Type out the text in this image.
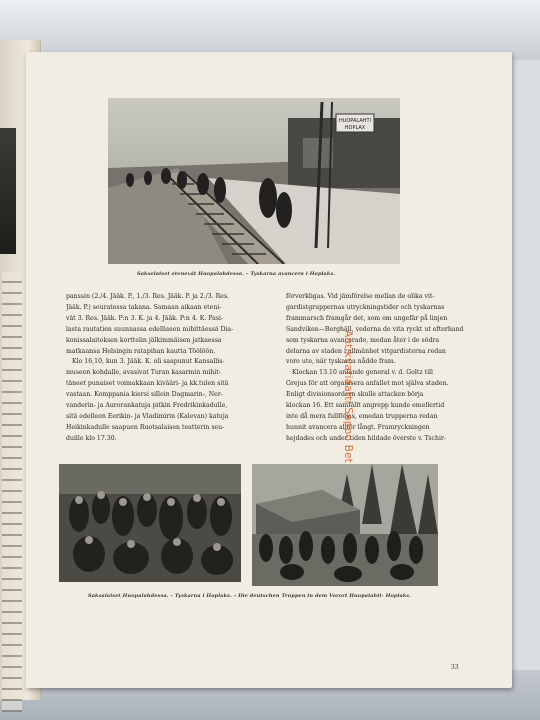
HUOPALAHTI
HOPLAX
Sakselaiset etenevät Huopalahdessa. – Tyskarna avancera i Hoplaks.
panssin (2./4. Jääk. P., 1./3. Res. Jääk. P. ja 2./3. Res.
Jääk. P.) seuratessa takana. Samaan aikaan eteni-
vät 3. Res. Jääk. P:n 3. K. ja 4. Jääk. P:n 4. K. Pasi-
lasta rautatien suunnassa edelliseen mihittäessä Dia-
konissalaitoksen korttelin jälkimmäisen jatkaessa
matkaansa Helsingin ratapihan kautta Töölöön.
Klo 16,10, kun 3. Jääk. K. oli saapunut Kansallis-
museon kohdalle, avasivat Turan kasarmin mihit-
täneet punaiset voimakkaan kivääri- ja kk.tulen sitä
vastaan. Komppania kiersi silloin Dagmarin-, Ner-
vanderin- ja Aurorankatuja pitkin Fredrikinkadulle,
sitä edelleen Eerikin- ja Vladimirin (Kalevan) katuja
Heikinkadulle saapuen Ruotsalaisen teatterin seu-
duille klo 17.30.
förverkligas. Vid jämförelse mellan de olika vit-
gardistgruppernas utryckningstider och tyskarnas
frammarsch framgår det, som om ungefär på linjen
Sandviken—Berghäll, vederna de vita ryckt ut efterhand
som tyskarna avancerade, medan åter i de södra
delarna av staden i allmänhet vitgardisterna redan
voro ute, när tyskarna nådde fram.
Klockan 13.10 anlände general v. d. Goltz till
Grejus för att organisera anfallet mot själva staden.
Enligt divisionsordern skulle attacken börja
klockan 16. Ett samfällt angrepp kunde emellertid
inte då mera fullföljas, emedan trupperna redan
hunnit avancera allför långt. Framryckningen
hejdades och under tiden hildade överste v. Tschir-
Antikvariaatti Seppo Bet
Saksalaiset Huopalahdessa. – Tyskarna i Hoplaks. – Die deutschen Truppen in dem Vorort Huopalahti- Hoplaks.
33
